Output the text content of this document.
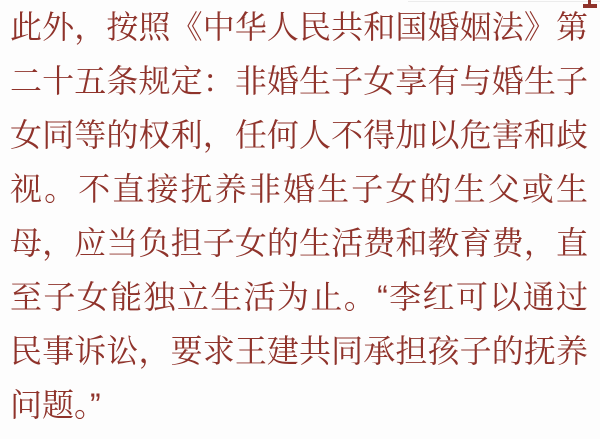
此外，按照《中华人民共和国婚姻法》第
二十五条规定：非婚生子女享有与婚生子
女同等的权利，任何人不得加以危害和歧
视。不直接抚养非婚生子女的生父或生
母，应当负担子女的生活费和教育费，直
至子女能独立生活为止。“李红可以通过
民事诉讼，要求王建共同承担孩子的抚养
问题。”
